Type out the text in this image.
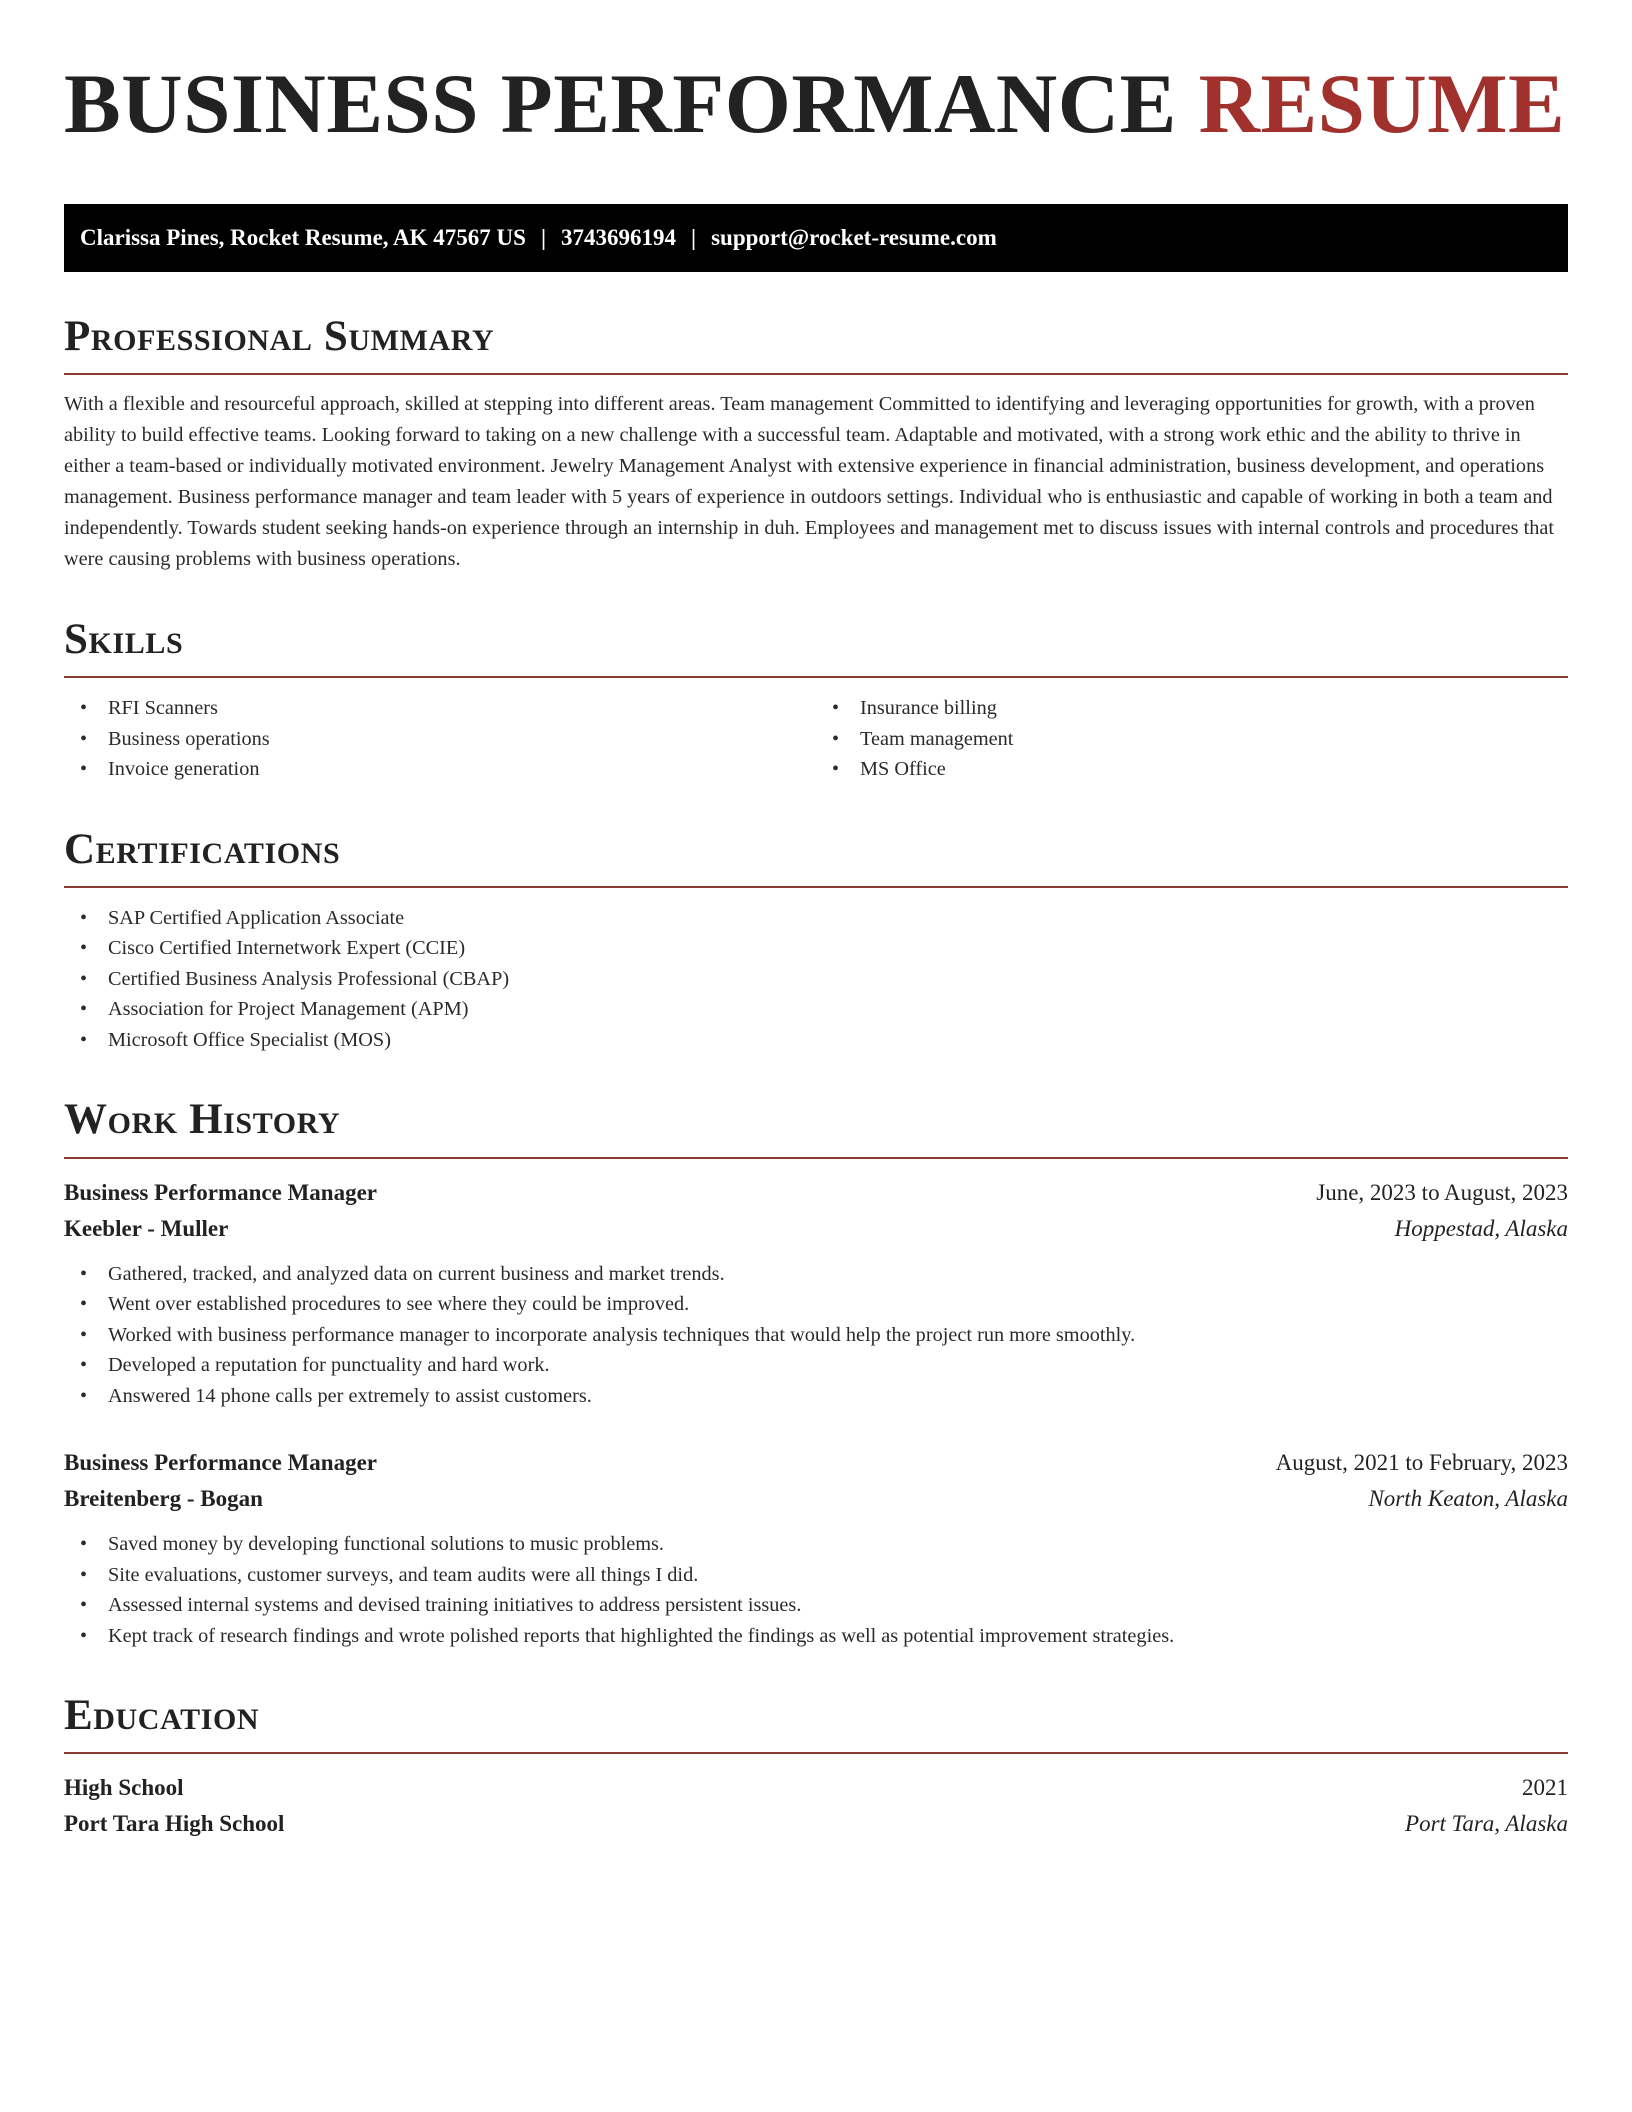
BUSINESS PERFORMANCE RESUME
Clarissa Pines, Rocket Resume, AK 47567 US | 3743696194 | support@rocket-resume.com
Professional Summary

With a flexible and resourceful approach, skilled at stepping into different areas. Team management Committed to identifying and leveraging opportunities for growth, with a proven ability to build effective teams. Looking forward to taking on a new challenge with a successful team. Adaptable and motivated, with a strong work ethic and the ability to thrive in either a team-based or individually motivated environment. Jewelry Management Analyst with extensive experience in financial administration, business development, and operations management. Business performance manager and team leader with 5 years of experience in outdoors settings. Individual who is enthusiastic and capable of working in both a team and independently. Towards student seeking hands-on experience through an internship in duh. Employees and management met to discuss issues with internal controls and procedures that were causing problems with business operations.

Skills
• RFI Scanners
• Business operations
• Invoice generation
• Insurance billing
• Team management
• MS Office
Certifications
• SAP Certified Application Associate
• Cisco Certified Internetwork Expert (CCIE)
• Certified Business Analysis Professional (CBAP)
• Association for Project Management (APM)
• Microsoft Office Specialist (MOS)
Work History
Business Performance Manager	June, 2023 to August, 2023
Keebler - Muller	Hoppestad, Alaska
• Gathered, tracked, and analyzed data on current business and market trends.
• Went over established procedures to see where they could be improved.
• Worked with business performance manager to incorporate analysis techniques that would help the project run more smoothly.
• Developed a reputation for punctuality and hard work.
• Answered 14 phone calls per extremely to assist customers.
Business Performance Manager	August, 2021 to February, 2023
Breitenberg - Bogan	North Keaton, Alaska
• Saved money by developing functional solutions to music problems.
• Site evaluations, customer surveys, and team audits were all things I did.
• Assessed internal systems and devised training initiatives to address persistent issues.
• Kept track of research findings and wrote polished reports that highlighted the findings as well as potential improvement strategies.
Education
High School	2021
Port Tara High School	Port Tara, Alaska
